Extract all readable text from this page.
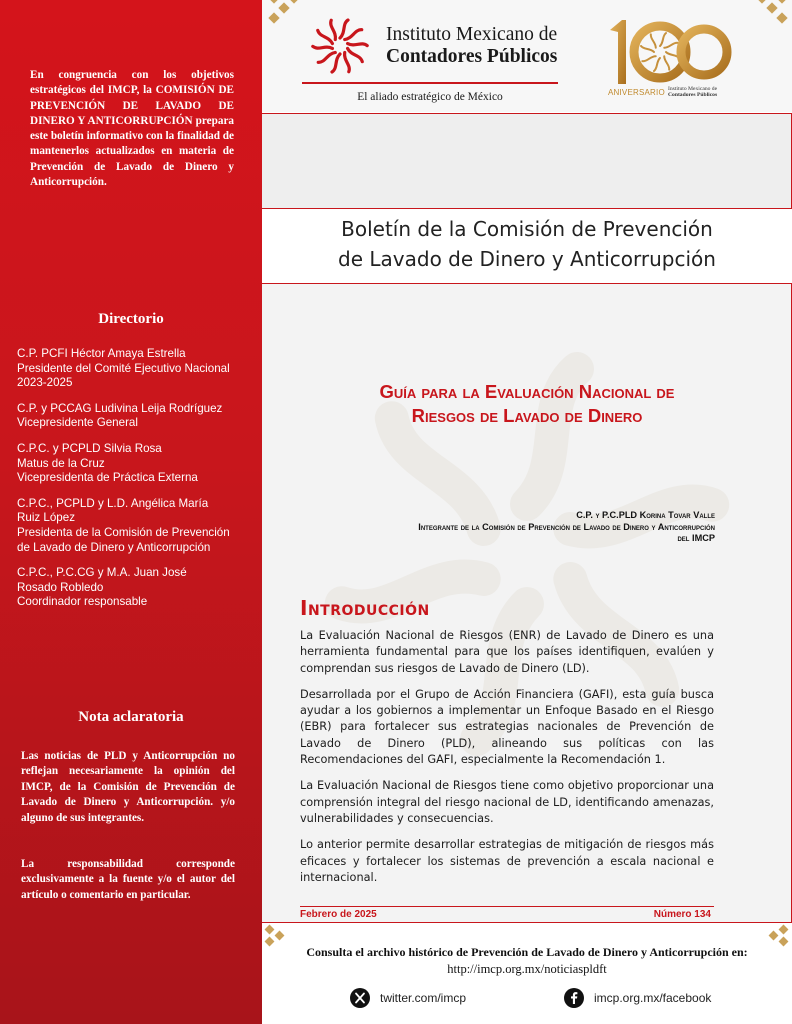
En congruencia con los objetivos estratégicos del IMCP, la COMISIÓN DE PREVENCIÓN DE LAVADO DE DINERO Y ANTICORRUPCIÓN prepara este boletín informativo con la finalidad de mantenerlos actualizados en materia de Prevención de Lavado de Dinero y Anticorrupción.
Directorio
C.P. PCFI Héctor Amaya Estrella
Presidente del Comité Ejecutivo Nacional
2023-2025
C.P. y PCCAG Ludivina Leija Rodríguez
Vicepresidente General
C.P.C. y PCPLD Silvia Rosa
Matus de la Cruz
Vicepresidenta de Práctica Externa
C.P.C., PCPLD y L.D. Angélica María
Ruiz López
Presidenta de la Comisión de Prevención
de Lavado de Dinero y Anticorrupción
C.P.C., P.C.CG y M.A. Juan José
Rosado Robledo
Coordinador responsable
Nota aclaratoria
Las noticias de PLD y Anticorrupción no reflejan necesariamente la opinión del IMCP, de la Comisión de Prevención de Lavado de Dinero y Anticorrupción. y/o alguno de sus integrantes.
La responsabilidad corresponde exclusivamente a la fuente y/o el autor del artículo o comentario en particular.
Instituto Mexicano de
Contadores Públicos
El aliado estratégico de México	ANIVERSARIO Instituto Mexicano de
Contadores Públicos
Boletín de la Comisión de Prevención
de Lavado de Dinero y Anticorrupción
Guía para la Evaluación Nacional de
Riesgos de Lavado de Dinero
C.P. y P.C.PLD Korina Tovar Valle
Integrante de la Comisión de Prevención de Lavado de Dinero y Anticorrupción
del IMCP
Introducción

La Evaluación Nacional de Riesgos (ENR) de Lavado de Dinero es una herramienta fundamental para que los países identifiquen, evalúen y comprendan sus riesgos de Lavado de Dinero (LD).

Desarrollada por el Grupo de Acción Financiera (GAFI), esta guía busca ayudar a los gobiernos a implementar un Enfoque Basado en el Riesgo (EBR) para fortalecer sus estrategias nacionales de Prevención de Lavado de Dinero (PLD), alineando sus políticas con las Recomendaciones del GAFI, especialmente la Recomendación 1.

La Evaluación Nacional de Riesgos tiene como objetivo proporcionar una comprensión integral del riesgo nacional de LD, identificando amenazas, vulnerabilidades y consecuencias.

Lo anterior permite desarrollar estrategias de mitigación de riesgos más eficaces y fortalecer los sistemas de prevención a escala nacional e internacional.

Febrero de 2025	Número 134
Consulta el archivo histórico de Prevención de Lavado de Dinero y Anticorrupción en:
http://imcp.org.mx/noticiaspldft
twitter.com/imcp	imcp.org.mx/facebook
